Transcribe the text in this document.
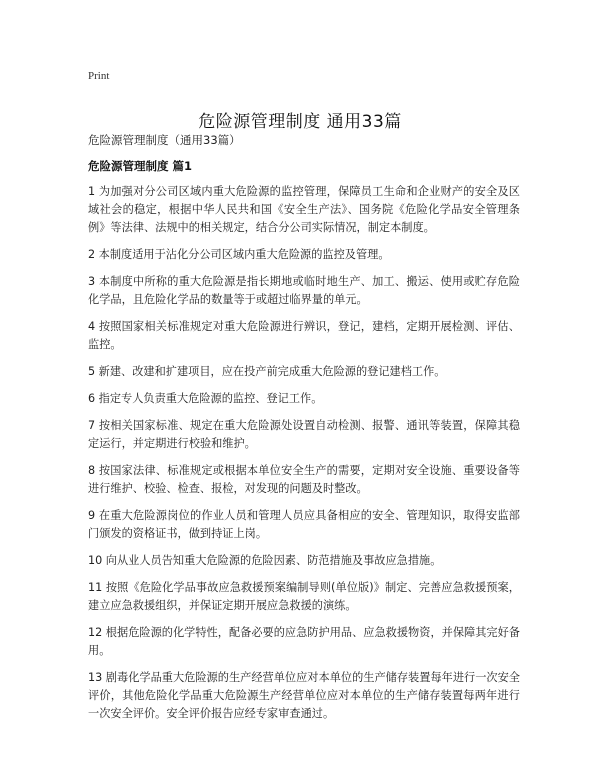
Print
危险源管理制度 通用33篇

危险源管理制度（通用33篇）

危险源管理制度 篇1

1 为加强对分公司区域内重大危险源的监控管理，保障员工生命和企业财产的安全及区域社会的稳定，根据中华人民共和国《安全生产法》、国务院《危险化学品安全管理条例》等法律、法规中的相关规定，结合分公司实际情况，制定本制度。

2 本制度适用于沾化分公司区域内重大危险源的监控及管理。

3 本制度中所称的重大危险源是指长期地或临时地生产、加工、搬运、使用或贮存危险化学品，且危险化学品的数量等于或超过临界量的单元。

4 按照国家相关标准规定对重大危险源进行辨识，登记，建档，定期开展检测、评估、监控。

5 新建、改建和扩建项目，应在投产前完成重大危险源的登记建档工作。

6 指定专人负责重大危险源的监控、登记工作。

7 按相关国家标准、规定在重大危险源处设置自动检测、报警、通讯等装置，保障其稳定运行，并定期进行校验和维护。

8 按国家法律、标准规定或根据本单位安全生产的需要，定期对安全设施、重要设备等进行维护、校验、检查、报检，对发现的问题及时整改。

9 在重大危险源岗位的作业人员和管理人员应具备相应的安全、管理知识，取得安监部门颁发的资格证书，做到持证上岗。

10 向从业人员告知重大危险源的危险因素、防范措施及事故应急措施。

11 按照《危险化学品事故应急救援预案编制导则(单位版)》制定、完善应急救援预案，建立应急救援组织，并保证定期开展应急救援的演练。

12 根据危险源的化学特性，配备必要的应急防护用品、应急救援物资，并保障其完好备用。

13 剧毒化学品重大危险源的生产经营单位应对本单位的生产储存装置每年进行一次安全评价，其他危险化学品重大危险源生产经营单位应对本单位的生产储存装置每两年进行一次安全评价。安全评价报告应经专家审查通过。
